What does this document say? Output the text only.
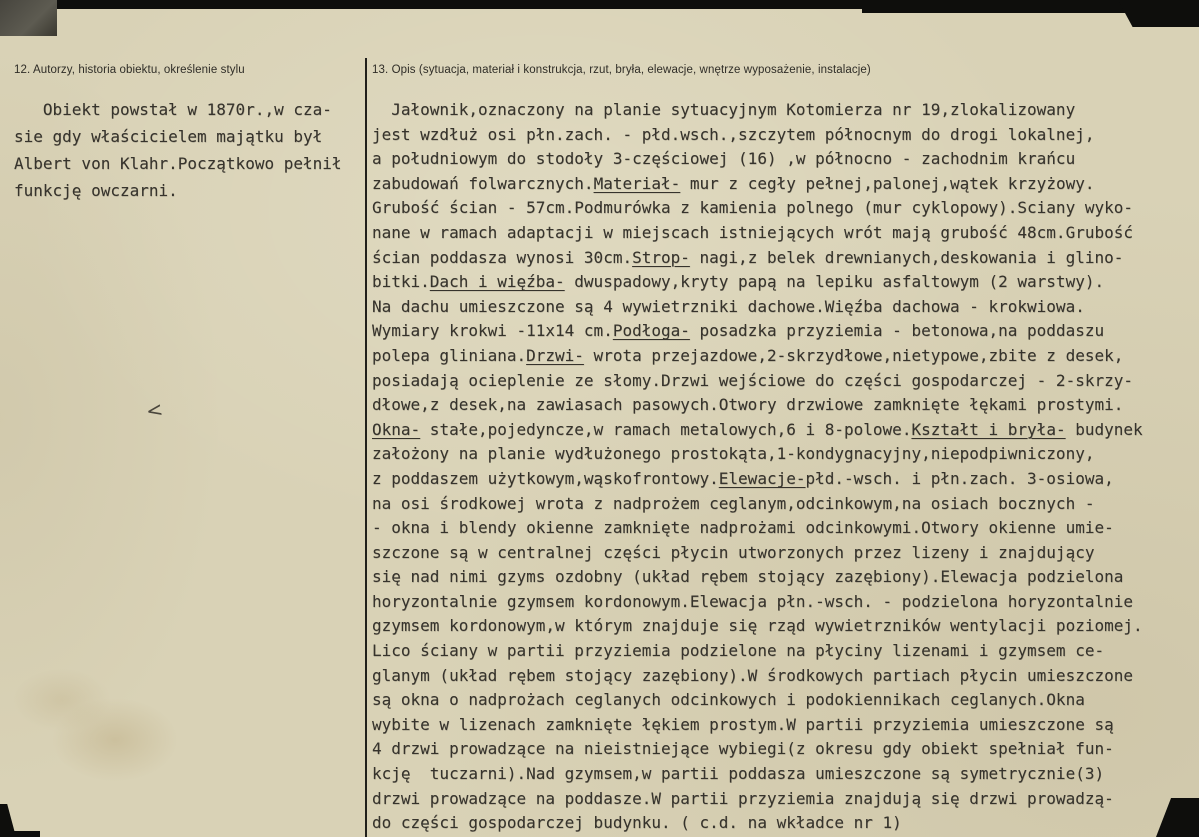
12. Autorzy, historia obiektu, określenie stylu	13. Opis (sytuacja, materiał i konstrukcja, rzut, bryła, elewacje, wnętrze wyposażenie, instalacje)
Obiekt powstał w 1870r.,w cza-
sie gdy właścicielem majątku był
Albert von Klahr.Początkowo pełnił
funkcję owczarni.
Jałownik,oznaczony na planie sytuacyjnym Kotomierza nr 19,zlokalizowany
jest wzdłuż osi płn.zach. - płd.wsch.,szczytem północnym do drogi lokalnej,
a południowym do stodoły 3-częściowej (16) ,w północno - zachodnim krańcu
zabudowań folwarcznych.Materiał- mur z cegły pełnej,palonej,wątek krzyżowy.
Grubość ścian - 57cm.Podmurówka z kamienia polnego (mur cyklopowy).Sciany wyko-
nane w ramach adaptacji w miejscach istniejących wrót mają grubość 48cm.Grubość
ścian poddasza wynosi 30cm.Strop- nagi,z belek drewnianych,deskowania i glino-
bitki.Dach i więźba- dwuspadowy,kryty papą na lepiku asfaltowym (2 warstwy).
Na dachu umieszczone są 4 wywietrzniki dachowe.Więźba dachowa - krokwiowa.
Wymiary krokwi -11x14 cm.Podłoga- posadzka przyziemia - betonowa,na poddaszu
polepa gliniana.Drzwi- wrota przejazdowe,2-skrzydłowe,nietypowe,zbite z desek,
posiadają ocieplenie ze słomy.Drzwi wejściowe do części gospodarczej - 2-skrzy-
dłowe,z desek,na zawiasach pasowych.Otwory drzwiowe zamknięte łękami prostymi.
Okna- stałe,pojedyncze,w ramach metalowych,6 i 8-polowe.Kształt i bryła- budynek
założony na planie wydłużonego prostokąta,1-kondygnacyjny,niepodpiwniczony,
z poddaszem użytkowym,wąskofrontowy.Elewacje-płd.-wsch. i płn.zach. 3-osiowa,
na osi środkowej wrota z nadprożem ceglanym,odcinkowym,na osiach bocznych -
- okna i blendy okienne zamknięte nadprożami odcinkowymi.Otwory okienne umie-
szczone są w centralnej części płycin utworzonych przez lizeny i znajdujący
się nad nimi gzyms ozdobny (układ rębem stojący zazębiony).Elewacja podzielona
horyzontalnie gzymsem kordonowym.Elewacja płn.-wsch. - podzielona horyzontalnie
gzymsem kordonowym,w którym znajduje się rząd wywietrzników wentylacji poziomej.
Lico ściany w partii przyziemia podzielone na płyciny lizenami i gzymsem ce-
glanym (układ rębem stojący zazębiony).W środkowych partiach płycin umieszczone
są okna o nadprożach ceglanych odcinkowych i podokiennikach ceglanych.Okna
wybite w lizenach zamknięte łękiem prostym.W partii przyziemia umieszczone są
4 drzwi prowadzące na nieistniejące wybiegi(z okresu gdy obiekt spełniał fun-
kcję  tuczarni).Nad gzymsem,w partii poddasza umieszczone są symetrycznie(3)
drzwi prowadzące na poddasze.W partii przyziemia znajdują się drzwi prowadzą-
do części gospodarczej budynku. ( c.d. na wkładce nr 1)
<
